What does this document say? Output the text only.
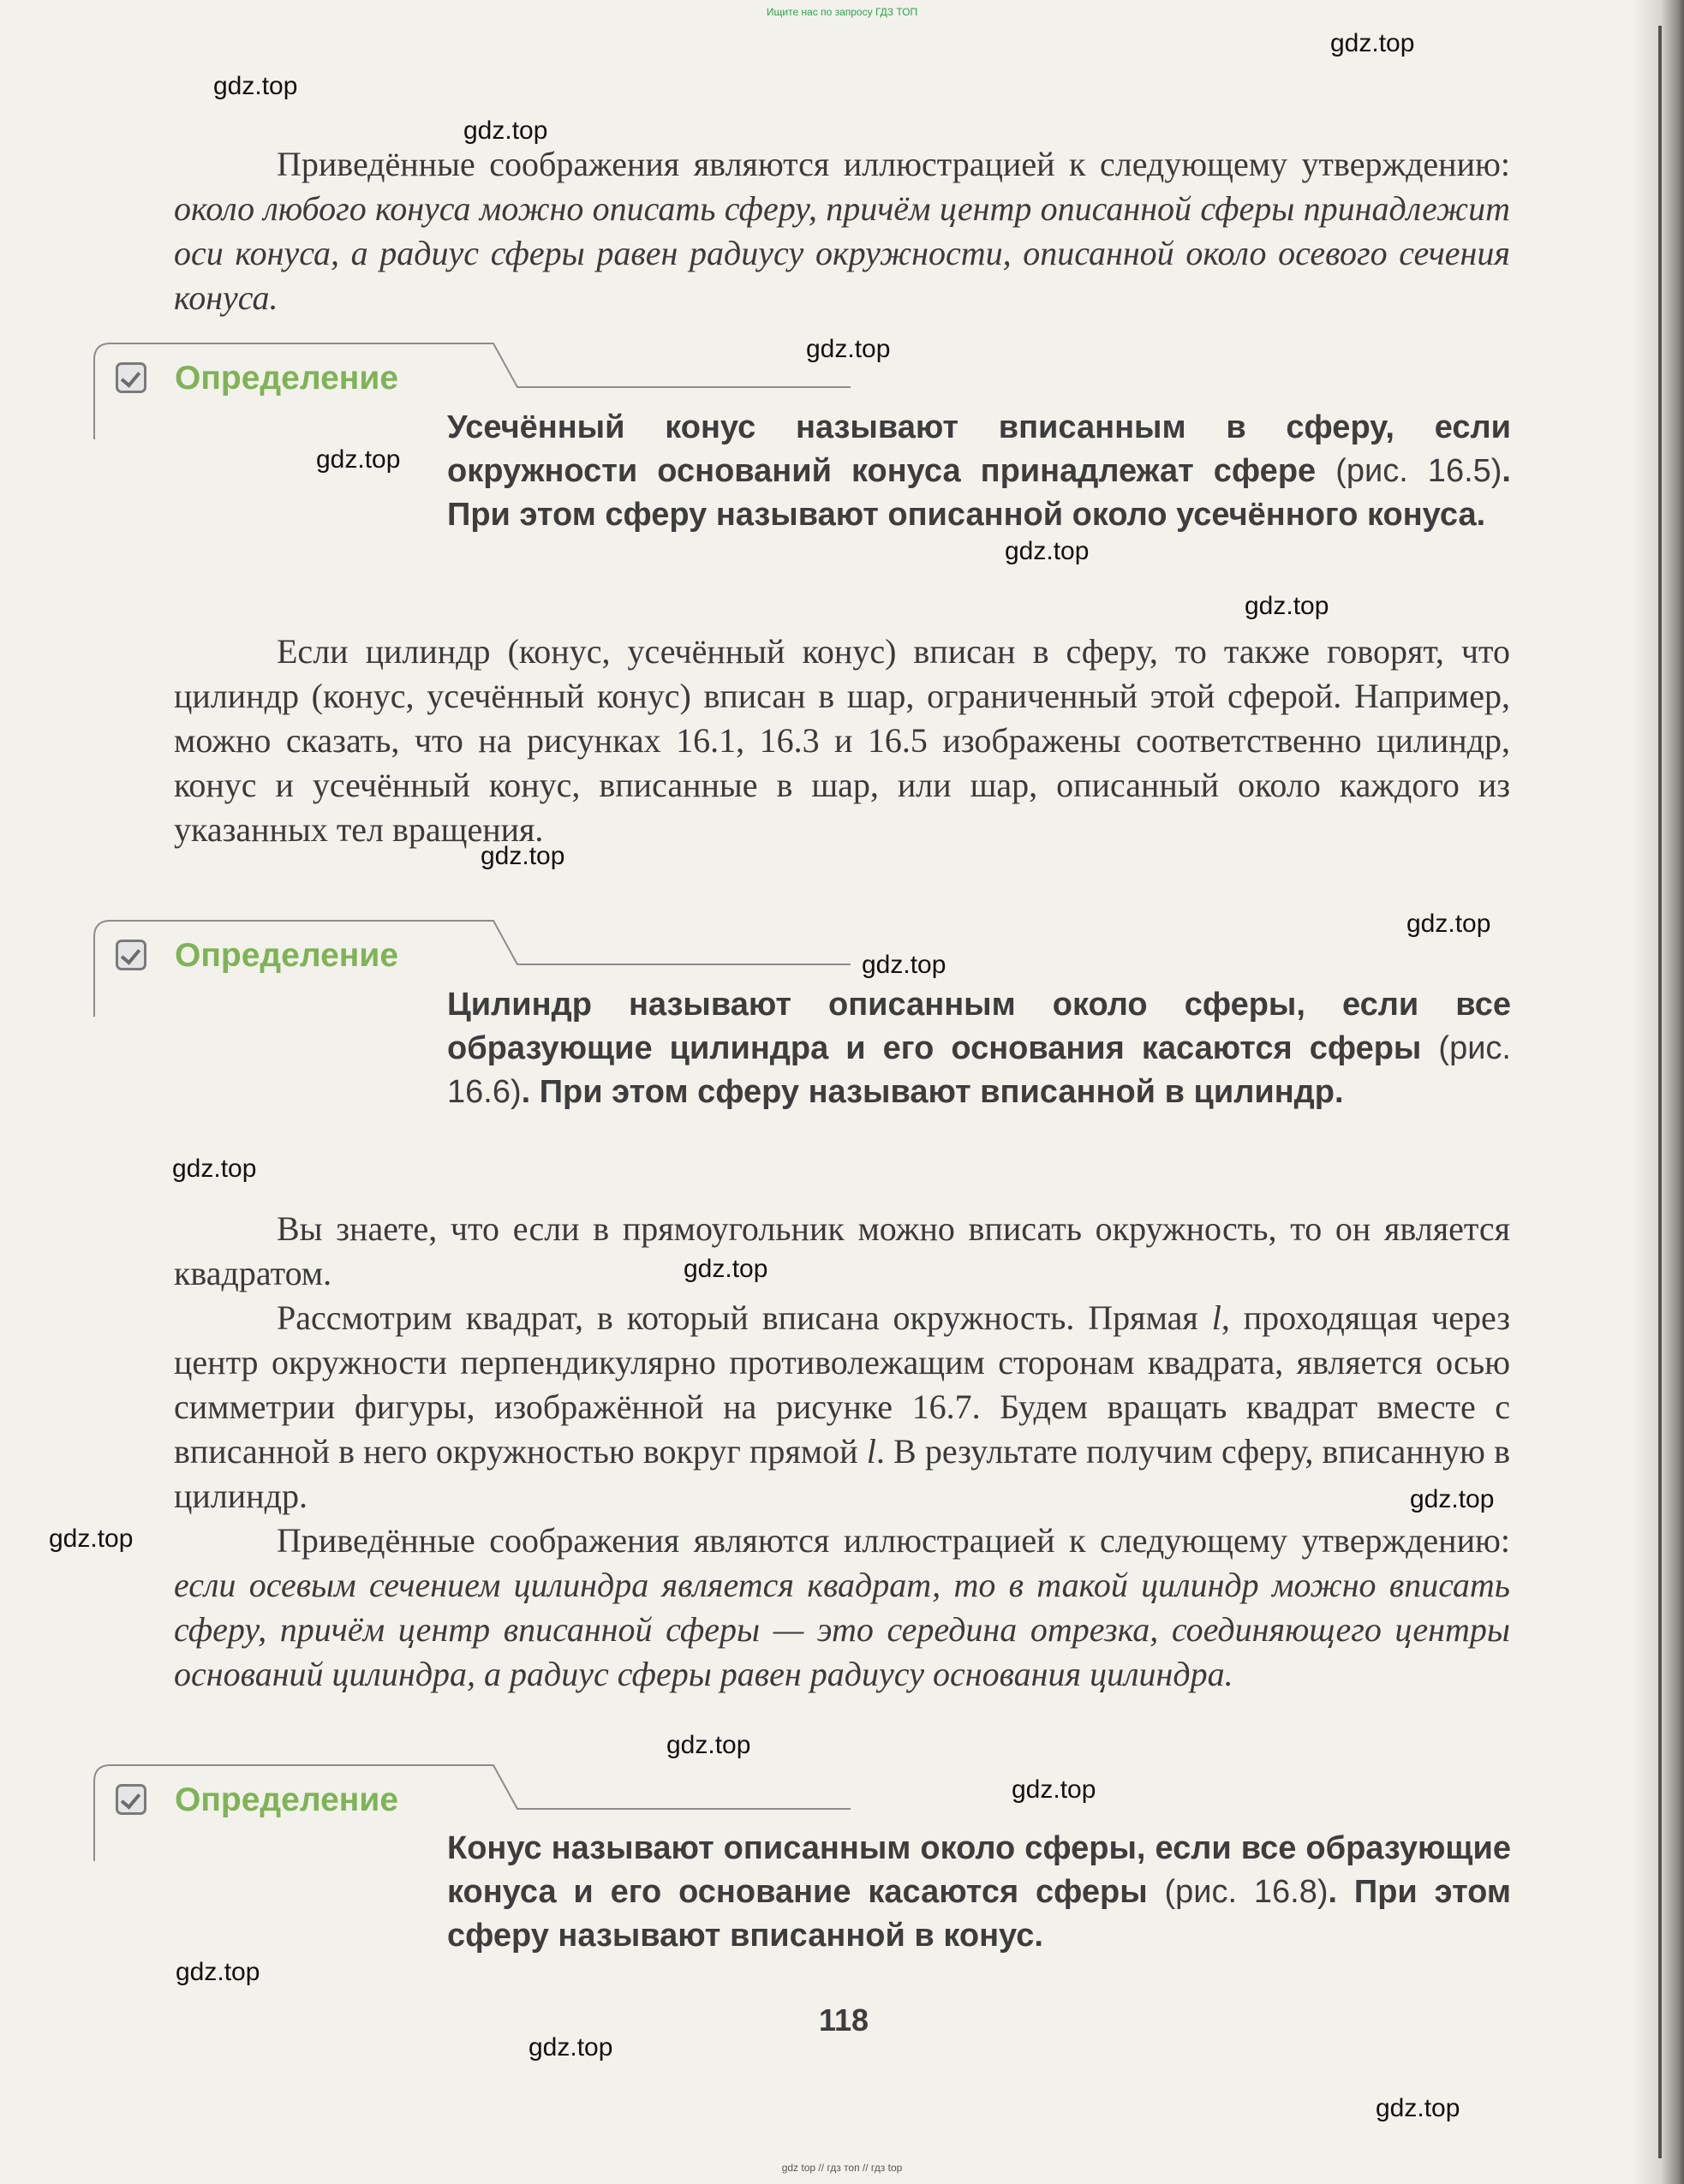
Ищите нас по запросу ГДЗ ТОП
gdz.top
gdz.top
gdz.top
gdz.top
gdz.top
gdz.top
gdz.top
gdz.top
gdz.top
gdz.top
gdz.top
gdz.top
gdz.top
gdz.top
gdz.top
gdz.top
gdz.top
gdz.top
gdz.top
Приведённые соображения являются иллюстрацией к следующему утверждению: около любого конуса можно описать сферу, причём центр описанной сферы принадлежит оси конуса, а радиус сферы равен радиусу окружности, описанной около осевого сечения конуса.
Определение
Усечённый конус называют вписанным в сферу, если окружности оснований конуса принадлежат сфере (рис. 16.5). При этом сферу называют описанной около усечённого конуса.
Если цилиндр (конус, усечённый конус) вписан в сферу, то также говорят, что цилиндр (конус, усечённый конус) вписан в шар, ограниченный этой сферой. Например, можно сказать, что на рисунках 16.1, 16.3 и 16.5 изображены соответственно цилиндр, конус и усечённый конус, вписанные в шар, или шар, описанный около каждого из указанных тел вращения.
Определение
Цилиндр называют описанным около сферы, если все образующие цилиндра и его основания касаются сферы (рис. 16.6). При этом сферу называют вписанной в цилиндр.
Вы знаете, что если в прямоугольник можно вписать окружность, то он является квадратом.
Рассмотрим квадрат, в который вписана окружность. Прямая l, проходящая через центр окружности перпендикулярно противолежащим сторонам квадрата, является осью симметрии фигуры, изображённой на рисунке 16.7. Будем вращать квадрат вместе с вписанной в него окружностью вокруг прямой l. В результате получим сферу, вписанную в цилиндр.
Приведённые соображения являются иллюстрацией к следующему утверждению: если осевым сечением цилиндра является квадрат, то в такой цилиндр можно вписать сферу, причём центр вписанной сферы — это середина отрезка, соединяющего центры оснований цилиндра, а радиус сферы равен радиусу основания цилиндра.
Определение
Конус называют описанным около сферы, если все образующие конуса и его основание касаются сферы (рис. 16.8). При этом сферу называют вписанной в конус.
118
gdz top // гдз топ // гдз top
